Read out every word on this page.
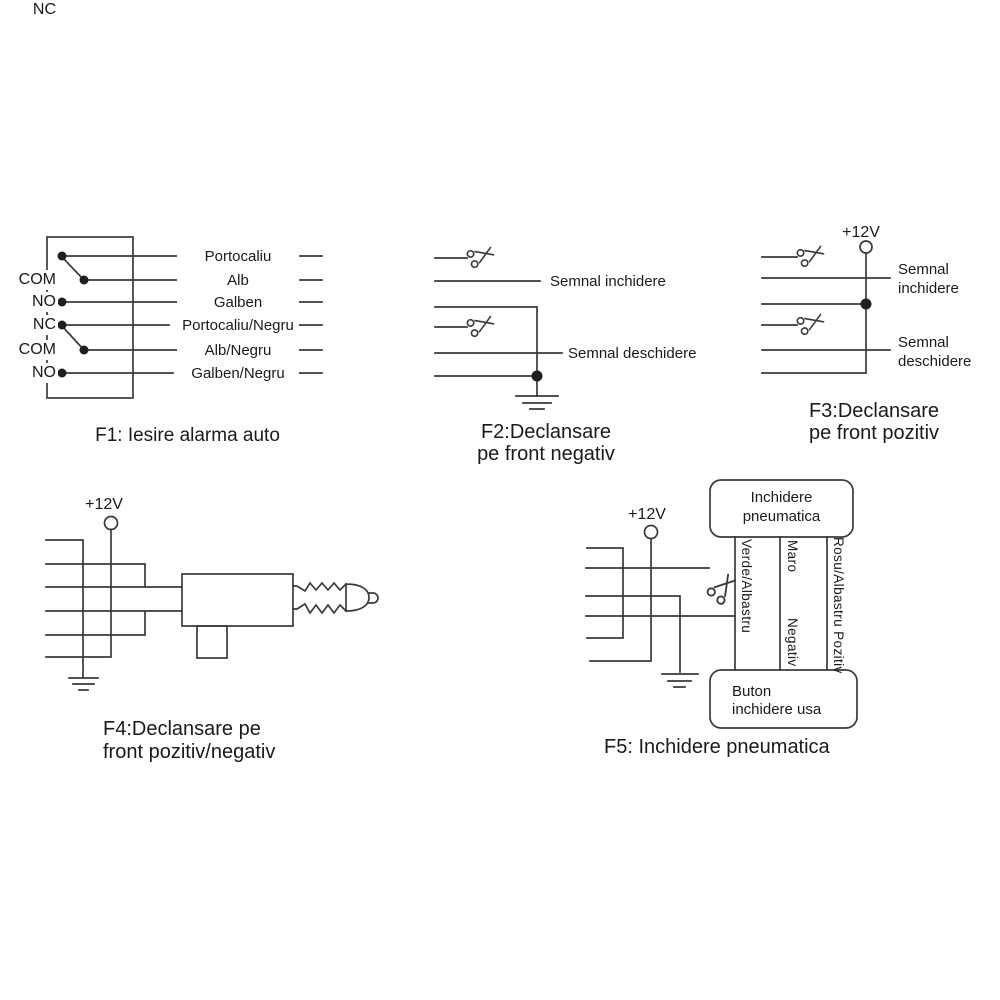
NC
COM
NO
NC
COM
NO
Portocaliu
Alb
Galben
Portocaliu/Negru
Alb/Negru
Galben/Negru
F1: Iesire alarma auto
Semnal inchidere
Semnal deschidere
F2:Declansare
pe front negativ
+12V
Semnal
inchidere
Semnal
deschidere
F3:Declansare
pe front pozitiv
+12V
F4:Declansare pe
front pozitiv/negativ
+12V
Inchidere
pneumatica
Buton
inchidere usa
Verde/Albastru Maro
Negativ Rosu/Albastru Pozitiv
F5: Inchidere pneumatica
